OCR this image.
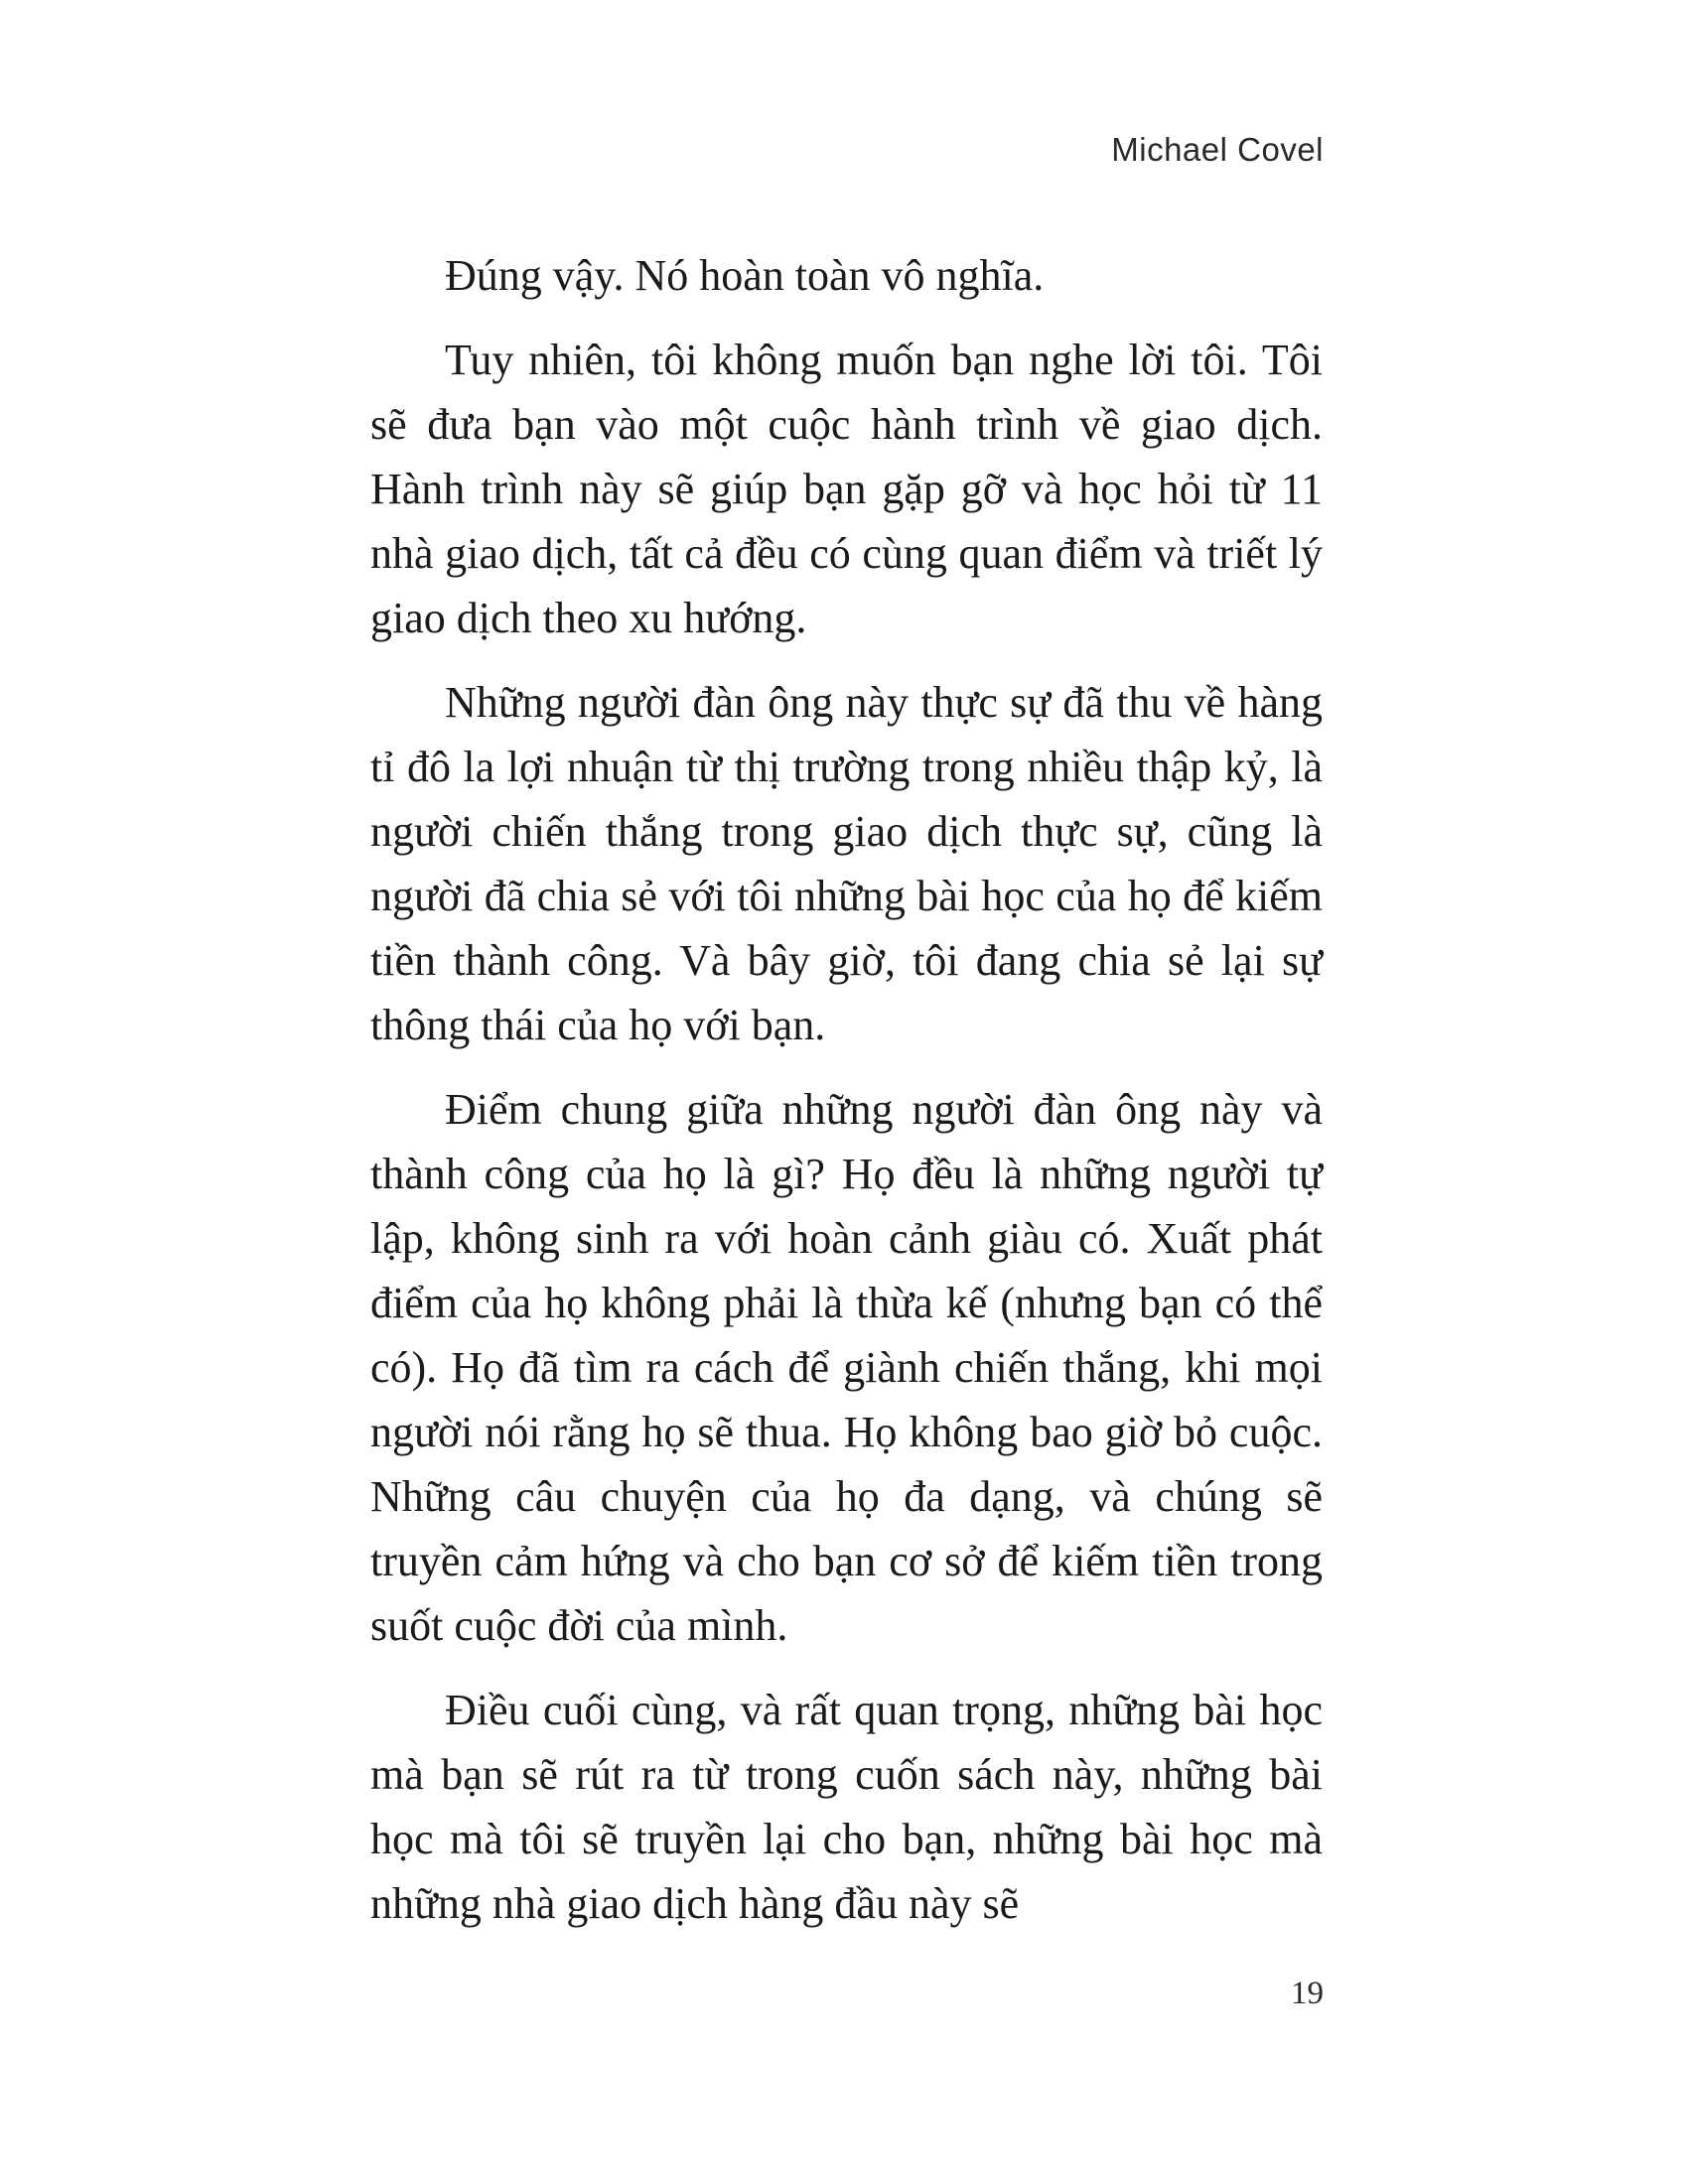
Michael Covel

Đúng vậy. Nó hoàn toàn vô nghĩa.

Tuy nhiên, tôi không muốn bạn nghe lời tôi. Tôi sẽ đưa bạn vào một cuộc hành trình về giao dịch. Hành trình này sẽ giúp bạn gặp gỡ và học hỏi từ 11 nhà giao dịch, tất cả đều có cùng quan điểm và triết lý giao dịch theo xu hướng.

Những người đàn ông này thực sự đã thu về hàng tỉ đô la lợi nhuận từ thị trường trong nhiều thập kỷ, là người chiến thắng trong giao dịch thực sự, cũng là người đã chia sẻ với tôi những bài học của họ để kiếm tiền thành công. Và bây giờ, tôi đang chia sẻ lại sự thông thái của họ với bạn.

Điểm chung giữa những người đàn ông này và thành công của họ là gì? Họ đều là những người tự lập, không sinh ra với hoàn cảnh giàu có. Xuất phát điểm của họ không phải là thừa kế (nhưng bạn có thể có). Họ đã tìm ra cách để giành chiến thắng, khi mọi người nói rằng họ sẽ thua. Họ không bao giờ bỏ cuộc. Những câu chuyện của họ đa dạng, và chúng sẽ truyền cảm hứng và cho bạn cơ sở để kiếm tiền trong suốt cuộc đời của mình.

Điều cuối cùng, và rất quan trọng, những bài học mà bạn sẽ rút ra từ trong cuốn sách này, những bài học mà tôi sẽ truyền lại cho bạn, những bài học mà những nhà giao dịch hàng đầu này sẽ

19
